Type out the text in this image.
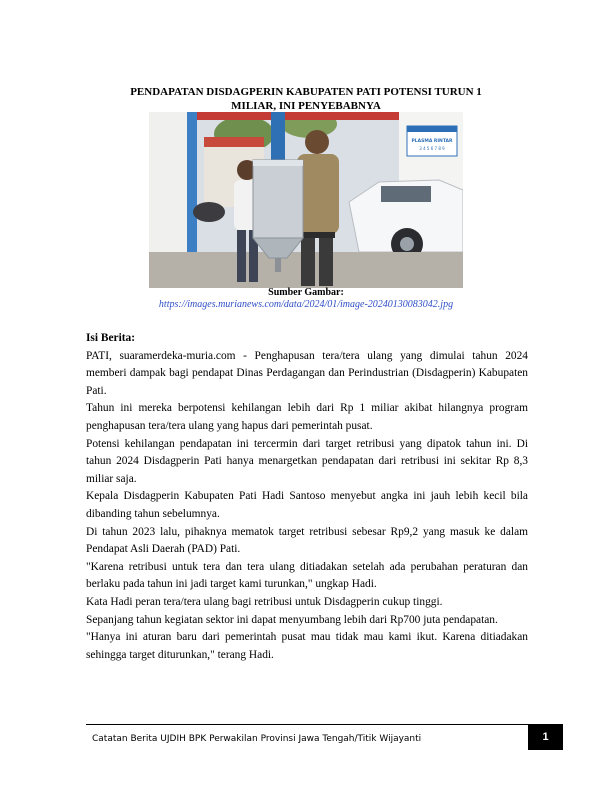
PENDAPATAN DISDAGPERIN KABUPATEN PATI POTENSI TURUN 1
MILIAR, INI PENYEBABNYA
PLASMA RINTAR
3 4 5 6 7 8 9
Sumber Gambar:
https://images.murianews.com/data/2024/01/image-20240130083042.jpg

Isi Berita:

PATI, suaramerdeka-muria.com - Penghapusan tera/tera ulang yang dimulai tahun 2024 memberi dampak bagi pendapat Dinas Perdagangan dan Perindustrian (Disdagperin) Kabupaten Pati.

Tahun ini mereka berpotensi kehilangan lebih dari Rp 1 miliar akibat hilangnya program penghapusan tera/tera ulang yang hapus dari pemerintah pusat.

Potensi kehilangan pendapatan ini tercermin dari target retribusi yang dipatok tahun ini. Di tahun 2024 Disdagperin Pati hanya menargetkan pendapatan dari retribusi ini sekitar Rp 8,3 miliar saja.

Kepala Disdagperin Kabupaten Pati Hadi Santoso menyebut angka ini jauh lebih kecil bila dibanding tahun sebelumnya.

Di tahun 2023 lalu, pihaknya mematok target retribusi sebesar Rp9,2 yang masuk ke dalam Pendapat Asli Daerah (PAD) Pati.

"Karena retribusi untuk tera dan tera ulang ditiadakan setelah ada perubahan peraturan dan berlaku pada tahun ini jadi target kami turunkan," ungkap Hadi.

Kata Hadi peran tera/tera ulang bagi retribusi untuk Disdagperin cukup tinggi.

Sepanjang tahun kegiatan sektor ini dapat menyumbang lebih dari Rp700 juta pendapatan.

"Hanya ini aturan baru dari pemerintah pusat mau tidak mau kami ikut. Karena ditiadakan sehingga target diturunkan," terang Hadi.

Catatan Berita UJDIH BPK Perwakilan Provinsi Jawa Tengah/Titik Wijayanti	1
